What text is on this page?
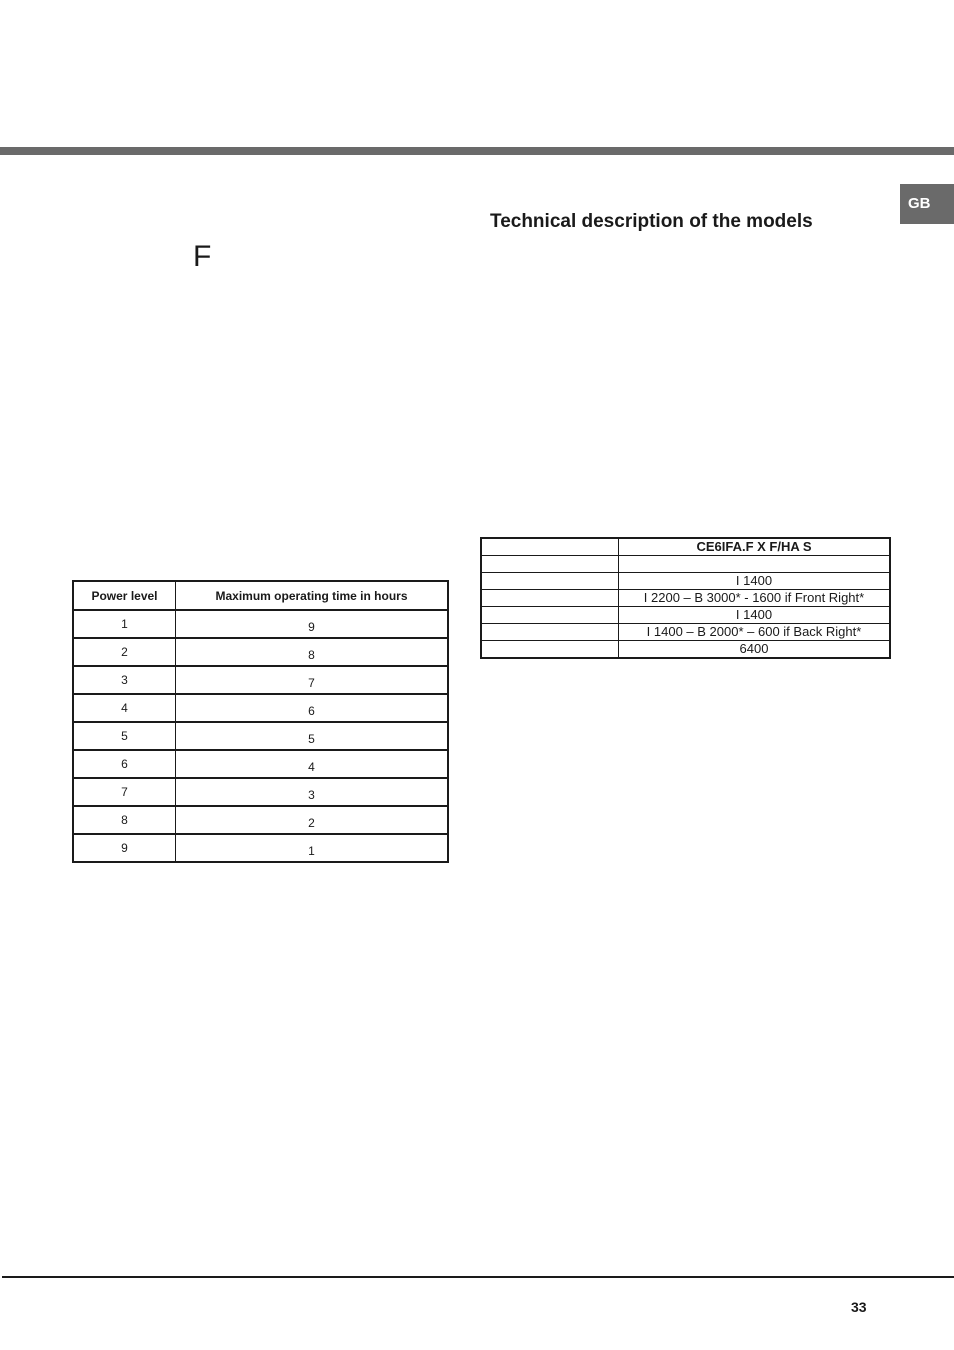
GB
Technical description of the models
F
Power level	Maximum operating time in hours
1	9
2	8
3	7
4	6
5	5
6	4
7	3
8	2
9	1
	CE6IFA.F X F/HA S

	I 1400
	I 2200 – B 3000* - 1600 if Front Right*
	I 1400
	I 1400 – B 2000* – 600 if Back Right*
	6400
33
